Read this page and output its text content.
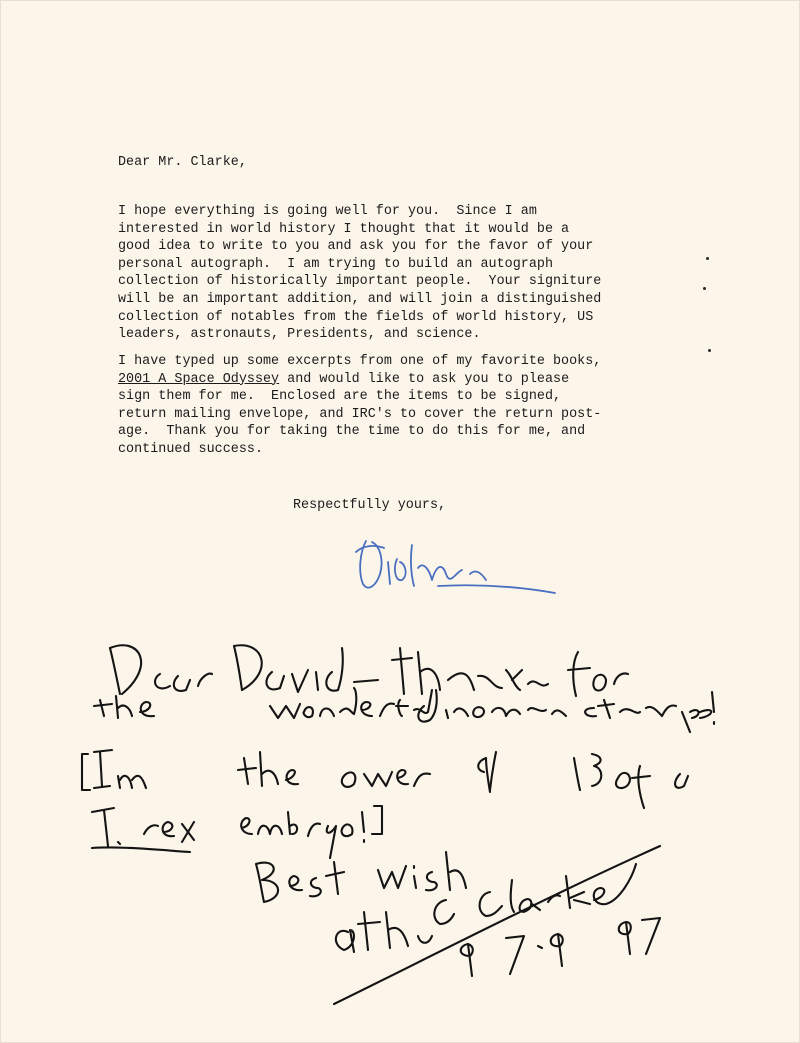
Dear Mr. Clarke,
I hope everything is going well for you.  Since I am
interested in world history I thought that it would be a
good idea to write to you and ask you for the favor of your
personal autograph.  I am trying to build an autograph
collection of historically important people.  Your signiture
will be an important addition, and will join a distinguished
collection of notables from the fields of world history, US
leaders, astronauts, Presidents, and science.
I have typed up some excerpts from one of my favorite books,
2001 A Space Odyssey and would like to ask you to please
sign them for me.  Enclosed are the items to be signed,
return mailing envelope, and IRC's to cover the return post-
age.  Thank you for taking the time to do this for me, and
continued success.
Respectfully yours,
